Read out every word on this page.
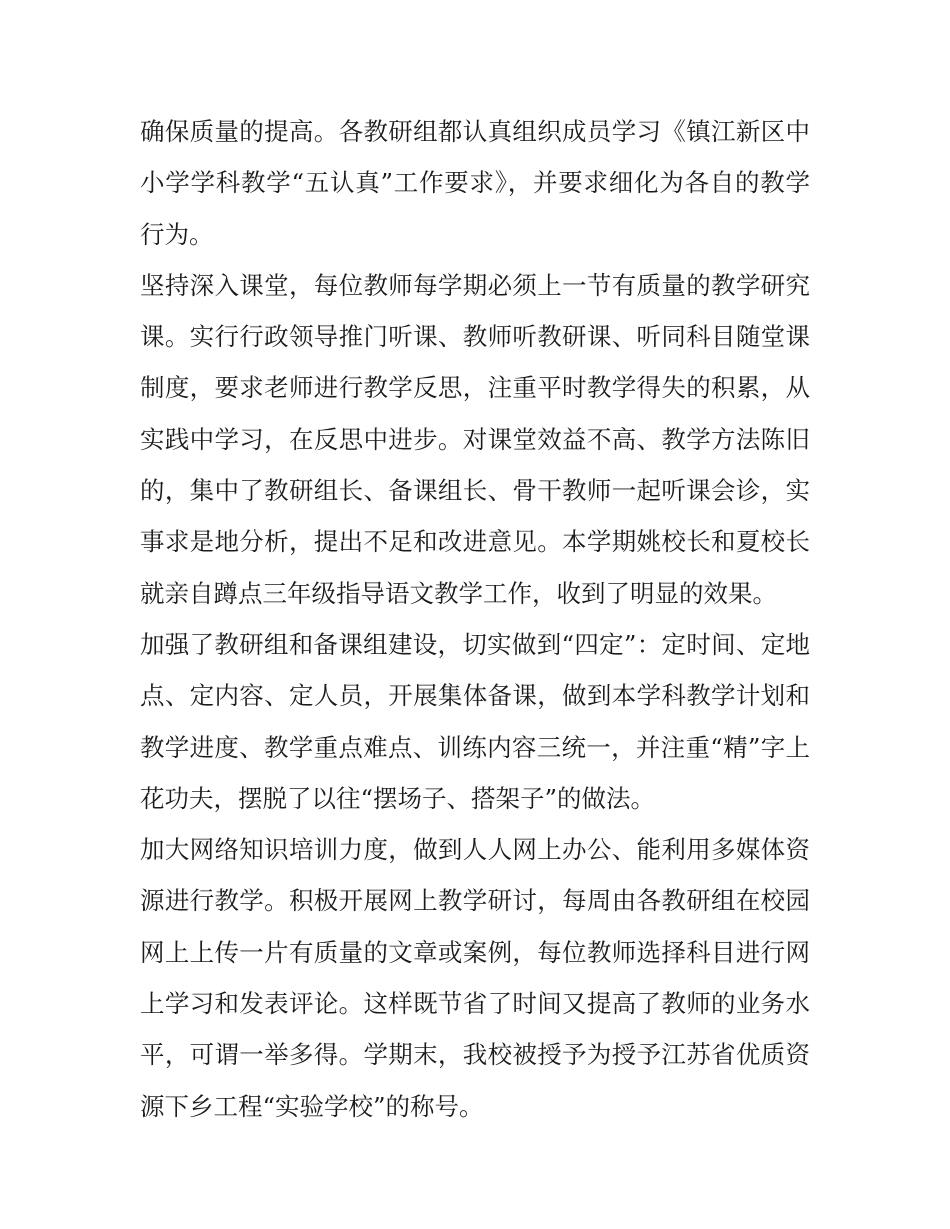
确保质量的提高。各教研组都认真组织成员学习《镇江新区中小学学科教学“五认真”工作要求》，并要求细化为各自的教学行为。

坚持深入课堂，每位教师每学期必须上一节有质量的教学研究课。实行行政领导推门听课、教师听教研课、听同科目随堂课制度，要求老师进行教学反思，注重平时教学得失的积累，从实践中学习，在反思中进步。对课堂效益不高、教学方法陈旧的，集中了教研组长、备课组长、骨干教师一起听课会诊，实事求是地分析，提出不足和改进意见。本学期姚校长和夏校长就亲自蹲点三年级指导语文教学工作，收到了明显的效果。

加强了教研组和备课组建设，切实做到“四定”：定时间、定地点、定内容、定人员，开展集体备课，做到本学科教学计划和教学进度、教学重点难点、训练内容三统一，并注重“精”字上花功夫，摆脱了以往“摆场子、搭架子”的做法。

加大网络知识培训力度，做到人人网上办公、能利用多媒体资源进行教学。积极开展网上教学研讨，每周由各教研组在校园网上上传一片有质量的文章或案例，每位教师选择科目进行网上学习和发表评论。这样既节省了时间又提高了教师的业务水平，可谓一举多得。学期末，我校被授予为授予江苏省优质资源下乡工程“实验学校”的称号。
